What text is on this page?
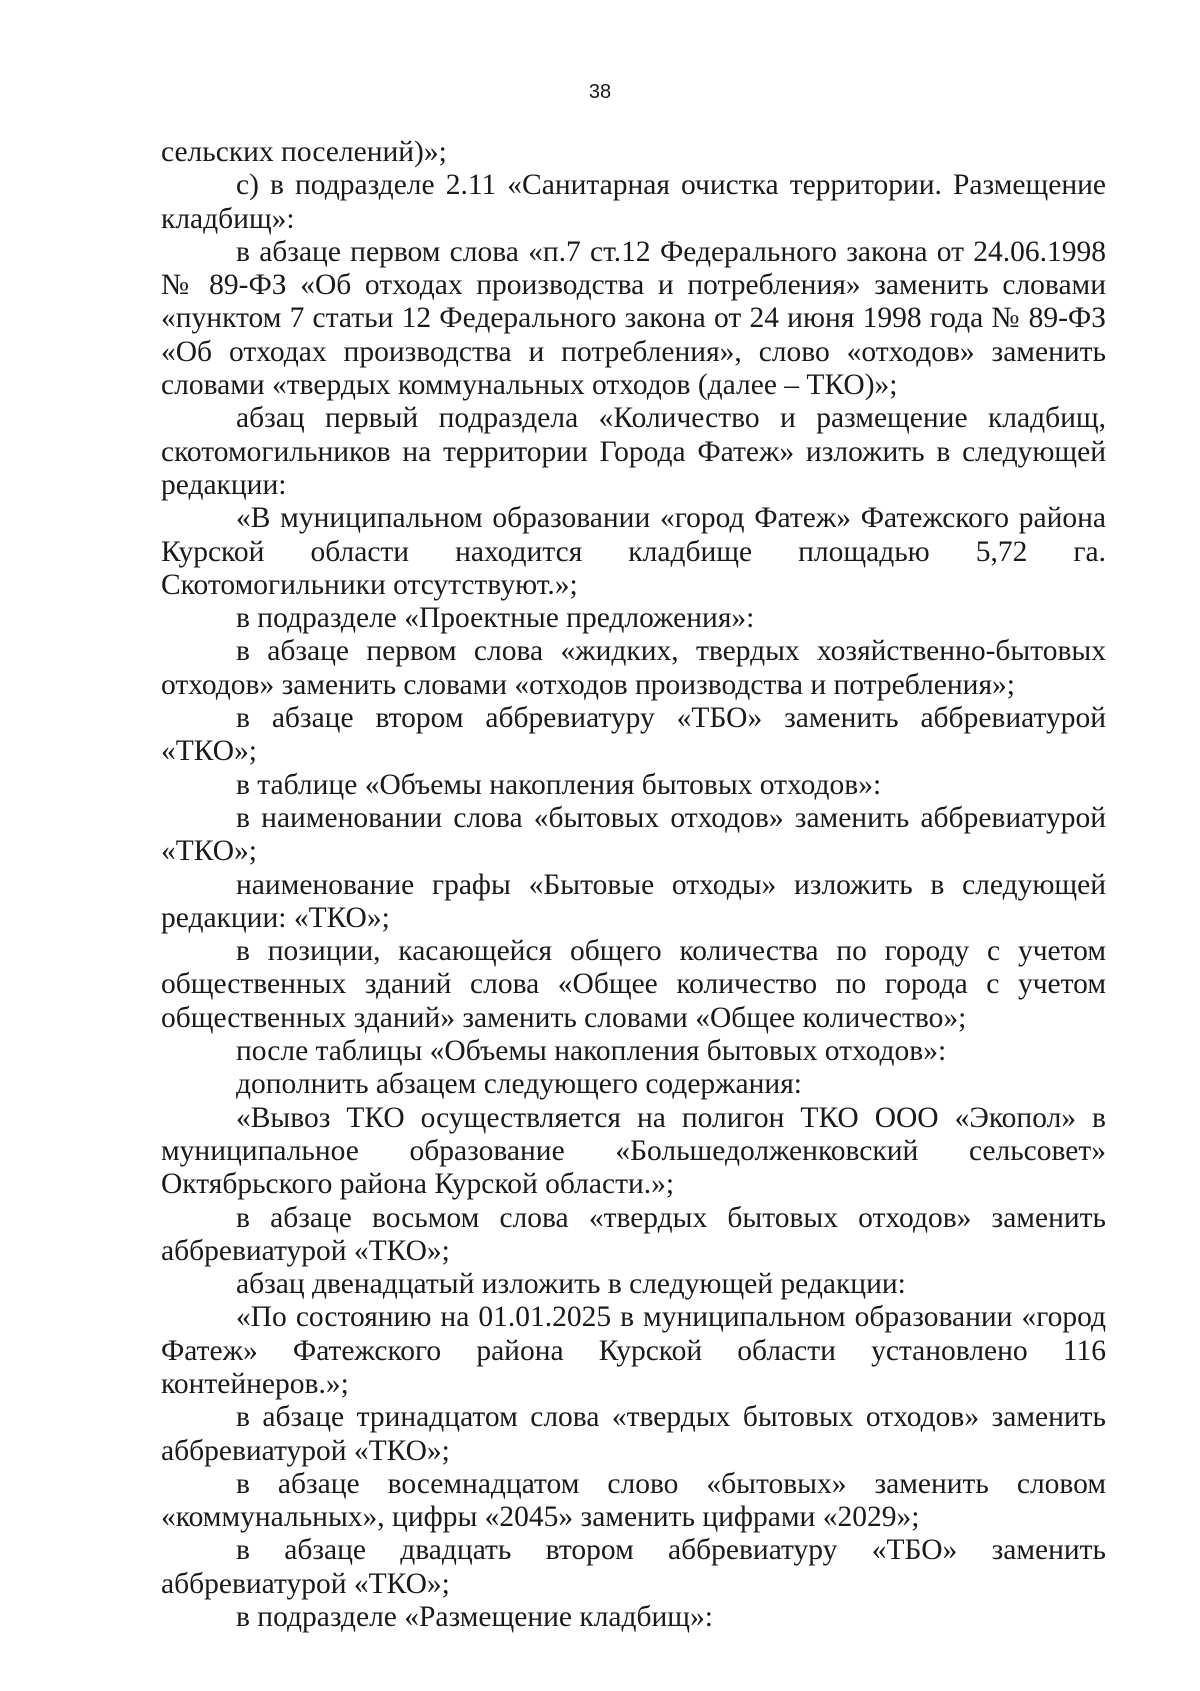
38

сельских поселений)»;

с) в подразделе 2.11 «Санитарная очистка территории. Размещение кладбищ»:

в абзаце первом слова «п.7 ст.12 Федерального закона от 24.06.1998 № 89-ФЗ «Об отходах производства и потребления» заменить словами «пунктом 7 статьи 12 Федерального закона от 24 июня 1998 года № 89-ФЗ «Об отходах производства и потребления», слово «отходов» заменить словами «твердых коммунальных отходов (далее – ТКО)»;

абзац первый подраздела «Количество и размещение кладбищ, скотомогильников на территории Города Фатеж» изложить в следующей редакции:

«В муниципальном образовании «город Фатеж» Фатежского района Курской области находится кладбище площадью 5,72 га. Скотомогильники отсутствуют.»;

в подразделе «Проектные предложения»:

в абзаце первом слова «жидких, твердых хозяйственно-бытовых отходов» заменить словами «отходов производства и потребления»;

в абзаце втором аббревиатуру «ТБО» заменить аббревиатурой «ТКО»;

в таблице «Объемы накопления бытовых отходов»:

в наименовании слова «бытовых отходов» заменить аббревиатурой «ТКО»;

наименование графы «Бытовые отходы» изложить в следующей редакции: «ТКО»;

в позиции, касающейся общего количества по городу с учетом общественных зданий слова «Общее количество по города с учетом общественных зданий» заменить словами «Общее количество»;

после таблицы «Объемы накопления бытовых отходов»:

дополнить абзацем следующего содержания:

«Вывоз ТКО осуществляется на полигон ТКО ООО «Экопол» в муниципальное образование «Большедолженковский сельсовет» Октябрьского района Курской области.»;

в абзаце восьмом слова «твердых бытовых отходов» заменить аббревиатурой «ТКО»;

абзац двенадцатый изложить в следующей редакции:

«По состоянию на 01.01.2025 в муниципальном образовании «город Фатеж» Фатежского района Курской области установлено 116 контейнеров.»;

в абзаце тринадцатом слова «твердых бытовых отходов» заменить аббревиатурой «ТКО»;

в абзаце восемнадцатом слово «бытовых» заменить словом «коммунальных», цифры «2045» заменить цифрами «2029»;

в абзаце двадцать втором аббревиатуру «ТБО» заменить аббревиатурой «ТКО»;

в подразделе «Размещение кладбищ»:
